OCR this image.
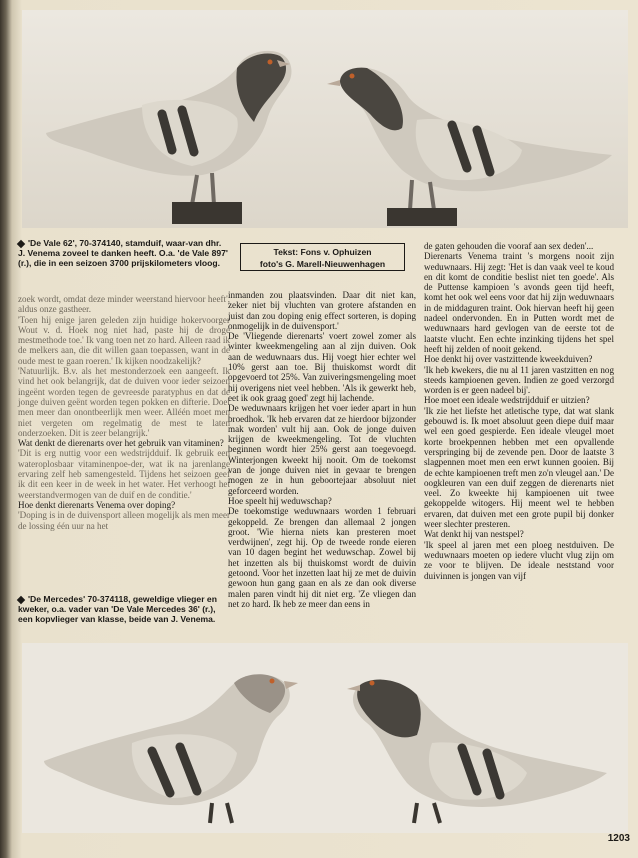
'De Vale 62', 70-374140, stamduif, waar-van dhr. J. Venema zoveel te danken heeft. O.a. 'de Vale 897' (r.), die in een seizoen 3700 prijskilometers vloog.
Tekst: Fons v. Ophuizen
foto's G. Marell-Nieuwenhagen

zoek wordt, omdat deze minder weerstand hiervoor heeft', aldus onze gastheer.

'Toen hij enige jaren geleden zijn huidige hokervoorger Wout v. d. Hoek nog niet had, paste hij de droge mestmethode toe.' Ik vang toen net zo hard. Alleen raad ik de melkers aan, die dit willen gaan toepassen, want in de oude mest te gaan roeren.' Ik kijken noodzakelijk?

'Natuurlijk. B.v. als het mestonderzoek een aangeeft. Ik vind het ook belangrijk, dat de duiven voor ieder seizoen ingeënt worden tegen de gevreesde paratyphus en dat de jonge duiven geënt worden tegen pokken en difterie. Doet men meer dan onontbeerlijk men weer. Alléén moet men niet vergeten om regelmatig de mest te laten onderzoeken. Dit is zeer belangrijk.'

Wat denkt de dierenarts over het gebruik van vitaminen?

'Dit is erg nuttig voor een wedstrijdduif. Ik gebruik een wateroplosbaar vitaminenpoe-der, wat ik na jarenlange ervaring zelf heb samengesteld. Tijdens het seizoen geef ik dit een keer in de week in het water. Het verhoogt het weerstandvermogen van de duif en de conditie.'

Hoe denkt dierenarts Venema over doping?

'Doping is in de duivensport alleen mogelijk als men meer de lossing één uur na het

'De Mercedes' 70-374118, geweldige vlieger en kweker, o.a. vader van 'De Vale Mercedes 36' (r.), een kopvlieger van klasse, beide van J. Venema.

inmanden zou plaatsvinden. Daar dit niet kan, zeker niet bij vluchten van grotere afstanden en juist dan zou doping enig effect sorteren, is doping onmogelijk in de duivensport.'

De 'Vliegende dierenarts' voert zowel zomer als winter kweekmengeling aan al zijn duiven. Ook aan de weduwnaars dus. Hij voegt hier echter wel 10% gerst aan toe. Bij thuiskomst wordt dit opgevoerd tot 25%. Van zuiveringsmengeling moet hij overigens niet veel hebben. 'Als ik gewerkt heb, eet ik ook graag goed' zegt hij lachende.

De weduwnaars krijgen het voer ieder apart in hun broedhok. 'Ik heb ervaren dat ze hierdoor bijzonder mak worden' vult hij aan. Ook de jonge duiven krijgen de kweekmengeling. Tot de vluchten beginnen wordt hier 25% gerst aan toegevoegd. Winterjongen kweekt hij nooit. Om de toekomst van de jonge duiven niet in gevaar te brengen mogen ze in hun geboortejaar absoluut niet geforceerd worden.

Hoe speelt hij weduwschap?

De toekomstige weduwnaars worden 1 februari gekoppeld. Ze brengen dan allemaal 2 jongen groot. 'Wie hierna niets kan presteren moet verdwijnen', zegt hij. Op de tweede ronde eieren van 10 dagen begint het weduwschap. Zowel bij het inzetten als bij thuiskomst wordt de duivin getoond. Voor het inzetten laat hij ze met de duivin gewoon hun gang gaan en als ze dan ook diverse malen paren vindt hij dit niet erg. 'Ze vliegen dan net zo hard. Ik heb ze meer dan eens in

de gaten gehouden die vooraf aan sex deden'...

Dierenarts Venema traint 's morgens nooit zijn weduwnaars. Hij zegt: 'Het is dan vaak veel te koud en dit komt de conditie beslist niet ten goede'. Als de Puttense kampioen 's avonds geen tijd heeft, komt het ook wel eens voor dat hij zijn weduwnaars in de middaguren traint. Ook hiervan heeft hij geen nadeel ondervonden. En in Putten wordt met de weduwnaars hard gevlogen van de eerste tot de laatste vlucht. Een echte inzinking tijdens het spel heeft hij zelden of nooit gekend.

Hoe denkt hij over vastzittende kweekduiven?

'Ik heb kwekers, die nu al 11 jaren vastzitten en nog steeds kampioenen geven. Indien ze goed verzorgd worden is er geen nadeel bij'.

Hoe moet een ideale wedstrijdduif er uitzien?

'Ik zie het liefste het atletische type, dat wat slank gebouwd is. Ik moet absoluut geen diepe duif maar wel een goed gespierde. Een ideale vleugel moet korte broekpennen hebben met een opvallende verspringing bij de zevende pen. Door de laatste 3 slagpennen moet men een erwt kunnen gooien. Bij de echte kampioenen treft men zo'n vleugel aan.' De oogkleuren van een duif zeggen de dierenarts niet veel. Zo kweekte hij kampioenen uit twee gekoppelde witogers. Hij meent wel te hebben ervaren, dat duiven met een grote pupil bij donker weer slechter presteren.

Wat denkt hij van nestspel?

'Ik speel al jaren met een ploeg nestduiven. De weduwnaars moeten op iedere vlucht vlug zijn om ze voor te blijven. De ideale neststand voor duivinnen is jongen van vijf

1203
